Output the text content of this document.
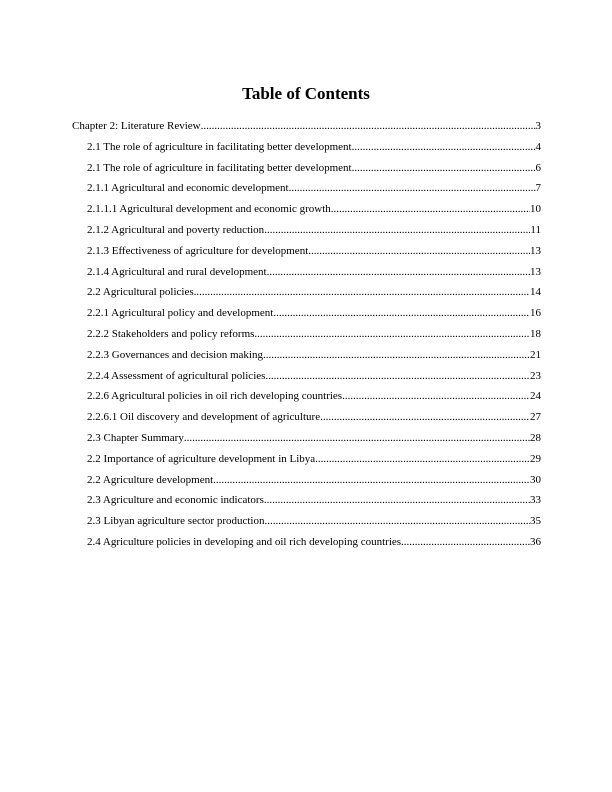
Table of Contents
Chapter 2: Literature Review .....	3
2.1 The role of agriculture in facilitating better development .....	4
2.1 The role of agriculture in facilitating better development .....	6
2.1.1 Agricultural and economic development .....	7
2.1.1.1 Agricultural development and economic growth .....	10
2.1.2 Agricultural and poverty reduction .....	11
2.1.3 Effectiveness of agriculture for development .....	13
2.1.4 Agricultural and rural development .....	13
2.2 Agricultural policies .....	14
2.2.1 Agricultural policy and development .....	16
2.2.2 Stakeholders and policy reforms .....	18
2.2.3 Governances and decision making .....	21
2.2.4 Assessment of agricultural policies .....	23
2.2.6 Agricultural policies in oil rich developing countries .....	24
2.2.6.1 Oil discovery and development of agriculture .....	27
2.3 Chapter Summary .....	28
2.2 Importance of agriculture development in Libya .....	29
2.2 Agriculture development .....	30
2.3 Agriculture and economic indicators .....	33
2.3 Libyan agriculture sector production .....	35
2.4 Agriculture policies in developing and oil rich developing countries .....	36
